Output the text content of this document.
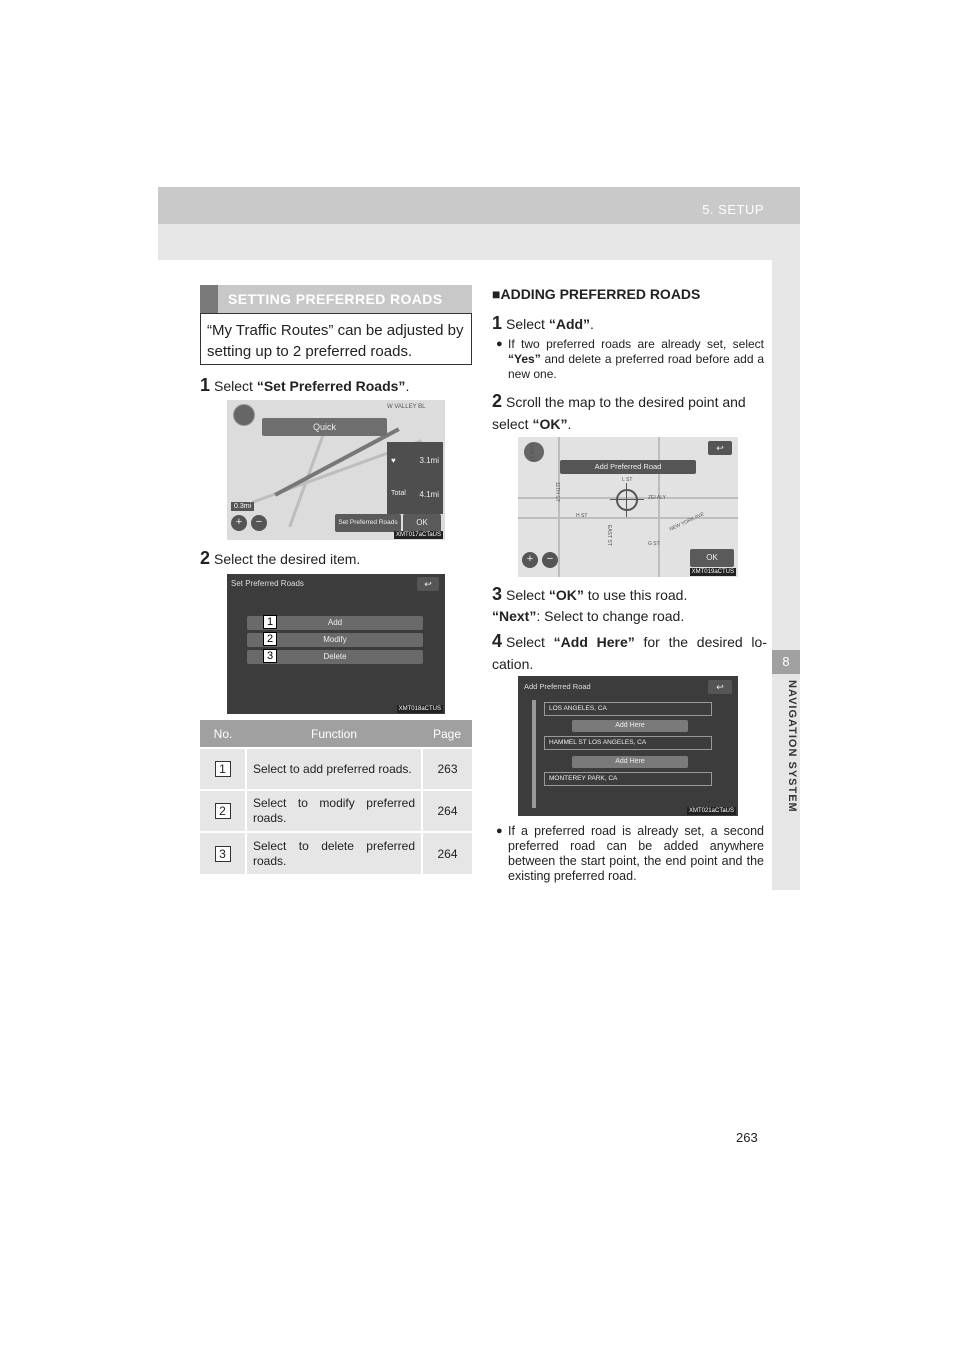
5. SETUP
8
NAVIGATION SYSTEM
SETTING PREFERRED ROADS
“My Traffic Routes” can be adjusted by setting up to 2 preferred roads.
1 Select “Set Preferred Roads”.
Quick
W VALLEY BL
♥	3.1mi
Total 4.1mi
0.3mi
+	−	Set Preferred Roads	OK
XMT017aCTaUS
2 Select the desired item.
Set Preferred Roads	↩
Add
Modify
Delete
1
2
3
XMT018aCTUS
No.	Function	Page
1	Select to add preferred roads.	263
2	Select to modify preferred roads.	264
3	Select to delete preferred roads.	264
■ADDING PREFERRED ROADS
1 Select “Add”.
● If two preferred roads are already set, select “Yes” and delete a preferred road before add a new one.
2 Scroll the map to the desired point and select “OK”.
↩
Add Preferred Road
L ST
H ST
G ST
NEW YORK AVE
ZEI ALY
11TH ST
13TH ST
EAST ST
+	−	OK
XMT019aCTUS
3 Select “OK” to use this road.
“Next”: Select to change road.
4 Select “Add Here” for the desired lo-cation.
Add Preferred Road	↩
LOS ANGELES, CA
Add Here
HAMMEL ST LOS ANGELES, CA
Add Here
MONTEREY PARK, CA
XMT021aCTaUS
● If a preferred road is already set, a second preferred road can be added anywhere between the start point, the end point and the existing preferred road.
263
